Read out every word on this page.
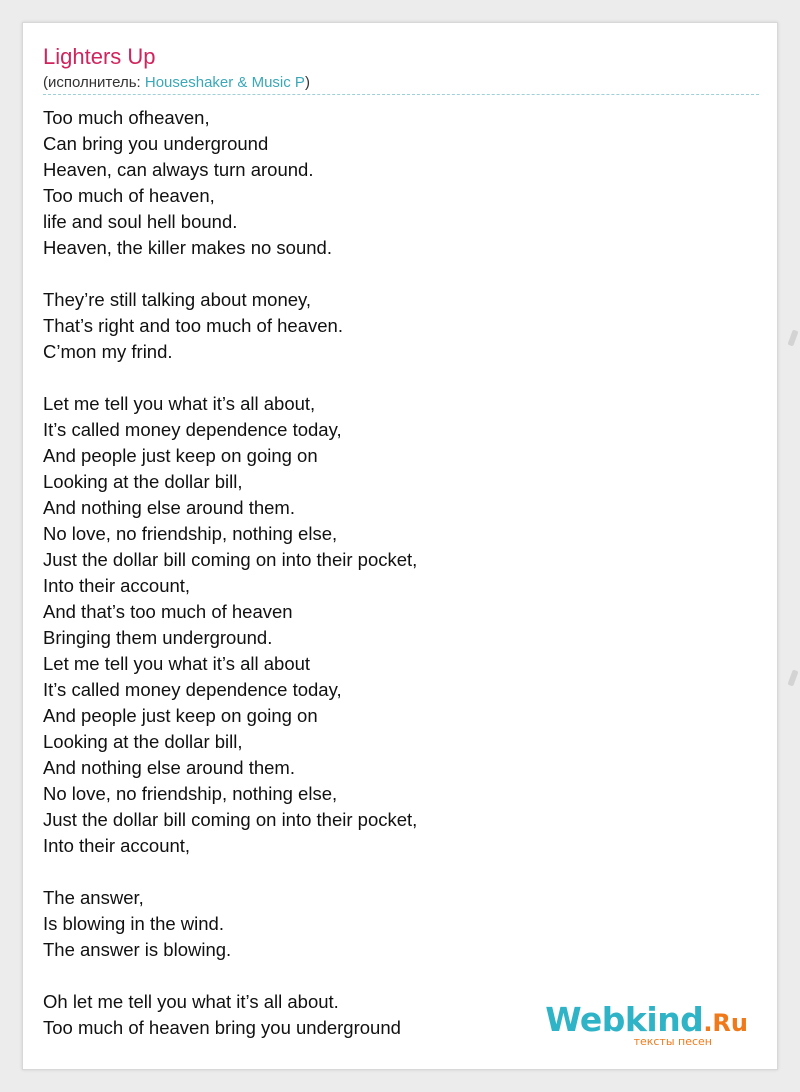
Lighters Up
(исполнитель: Houseshaker & Music P)
Too much ofheaven,
Can bring you underground
Heaven, can always turn around.
Too much of heaven,
life and soul hell bound.
Heaven, the killer makes no sound.
They’re still talking about money,
That’s right and too much of heaven.
C’mon my frind.
Let me tell you what it’s all about,
It’s called money dependence today,
And people just keep on going on
Looking at the dollar bill,
And nothing else around them.
No love, no friendship, nothing else,
Just the dollar bill coming on into their pocket,
Into their account,
And that’s too much of heaven
Bringing them underground.
Let me tell you what it’s all about
It’s called money dependence today,
And people just keep on going on
Looking at the dollar bill,
And nothing else around them.
No love, no friendship, nothing else,
Just the dollar bill coming on into their pocket,
Into their account,
The answer,
Is blowing in the wind.
The answer is blowing.
Oh let me tell you what it’s all about.
Too much of heaven bring you underground	Webkind.Ru
тексты песен
